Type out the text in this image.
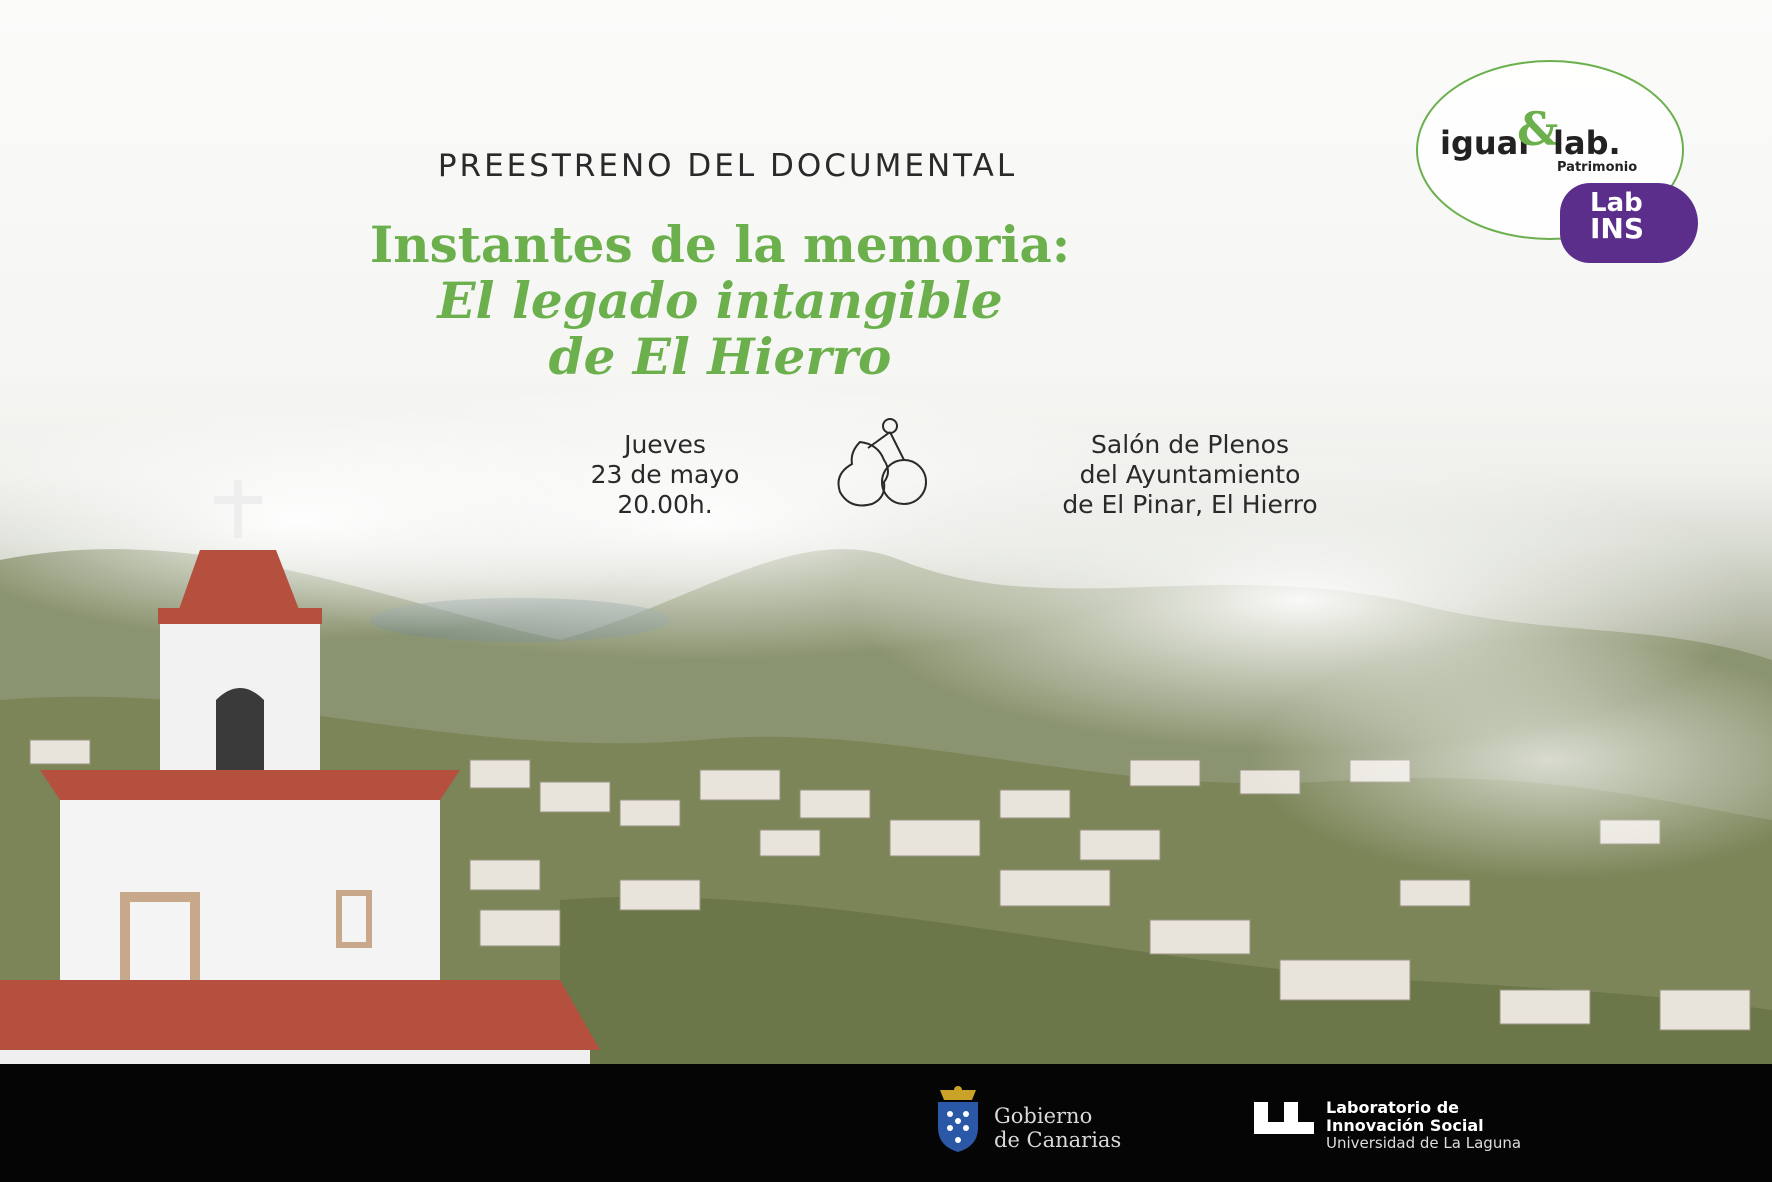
PREESTRENO DEL DOCUMENTAL
Instantes de la memoria:
El legado intangible
de El Hierro
Jueves
23 de mayo
20.00h.
Salón de Plenos
del Ayuntamiento
de El Pinar, El Hierro
igual
&
lab.
Patrimonio
Lab
INS
Gobierno
de Canarias
Laboratorio de
Innovación Social
Universidad de La Laguna
